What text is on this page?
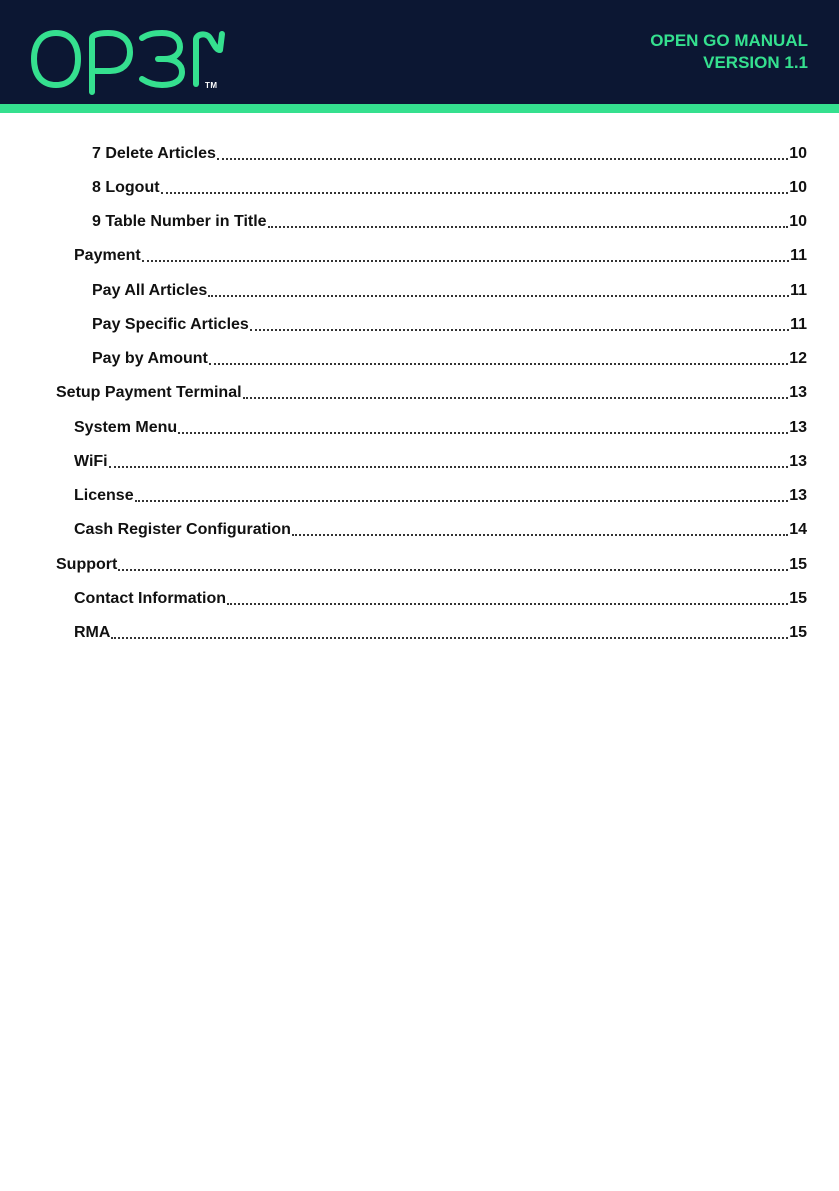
TM
OPEN GO MANUAL
VERSION 1.1
7 Delete Articles	10
8 Logout	10
9 Table Number in Title	10
Payment	11
Pay All Articles	11
Pay Specific Articles	11
Pay by Amount	12
Setup Payment Terminal	13
System Menu	13
WiFi	13
License	13
Cash Register Configuration	14
Support	15
Contact Information	15
RMA	15
